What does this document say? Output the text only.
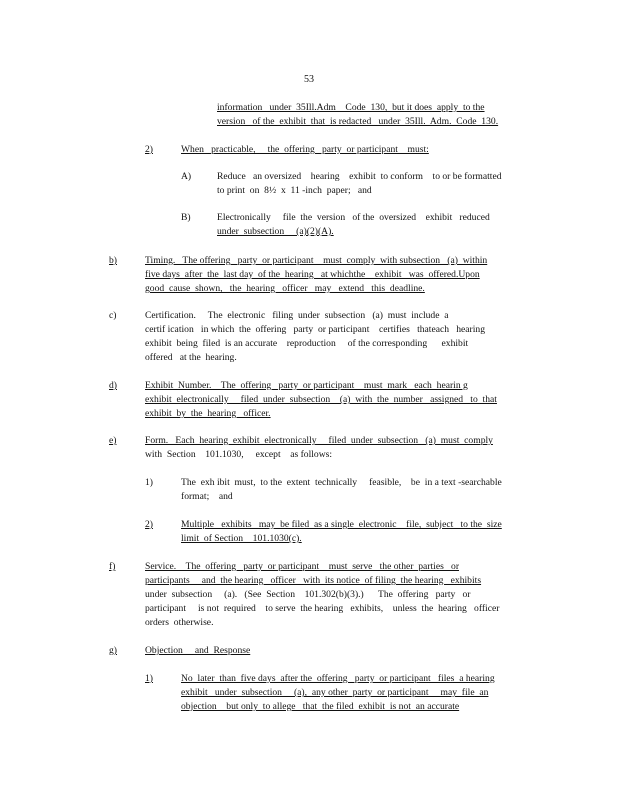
53
information   under  35Ill.Adm    Code  130,  but it does  apply  to the
version   of the  exhibit  that  is redacted   under  35Ill.  Adm.  Code  130.
2)	When   practicable,     the  offering   party  or participant    must:
A)	Reduce   an oversized    hearing    exhibit  to conform    to or be formatted
to print  on  8½  x  11 -inch  paper;   and
B)	Electronically     file  the  version   of the  oversized    exhibit   reduced
under  subsection     (a)(2)(A).
b)	Timing.   The offering   party  or participant    must  comply  with subsection   (a)  within
five days  after  the  last day  of the  hearing   at whichthe    exhibit   was  offered.Upon
good  cause  shown,   the  hearing   officer   may   extend   this  deadline.
c)	Certification.     The  electronic   filing  under  subsection   (a)  must  include  a
certif ication   in which  the  offering   party  or participant    certifies   thateach   hearing
exhibit  being  filed  is an accurate    reproduction     of the corresponding      exhibit
offered   at the  hearing.
d)	Exhibit  Number.    The  offering   party  or participant    must  mark   each  hearin g
exhibit  electronically     filed  under  subsection    (a)  with  the  number   assigned   to  that
exhibit  by  the  hearing   officer.
e)	Form.   Each  hearing  exhibit  electronically     filed  under  subsection   (a)  must  comply
with  Section    101.1030,     except    as follows:
1)	The  exh ibit  must,  to the  extent  technically     feasible,    be  in a text -searchable
format;    and
2)	Multiple   exhibits   may  be filed  as a single  electronic    file,  subject   to the  size
limit  of Section    101.1030(c).
f)	Service.    The  offering   party  or participant    must  serve   the other  parties   or
participants     and  the hearing   officer   with  its notice  of filing  the hearing   exhibits
under  subsection     (a).   (See  Section    101.302(b)(3).)      The  offering   party   or
participant     is not  required    to serve  the hearing   exhibits,    unless  the  hearing   officer
orders  otherwise.
g)	Objection     and  Response
1)	No  later  than  five days  after the  offering   party  or participant   files  a hearing
exhibit   under  subsection     (a),  any other  party  or participant     may  file  an
objection    but only  to allege   that  the filed  exhibit  is not  an accurate
